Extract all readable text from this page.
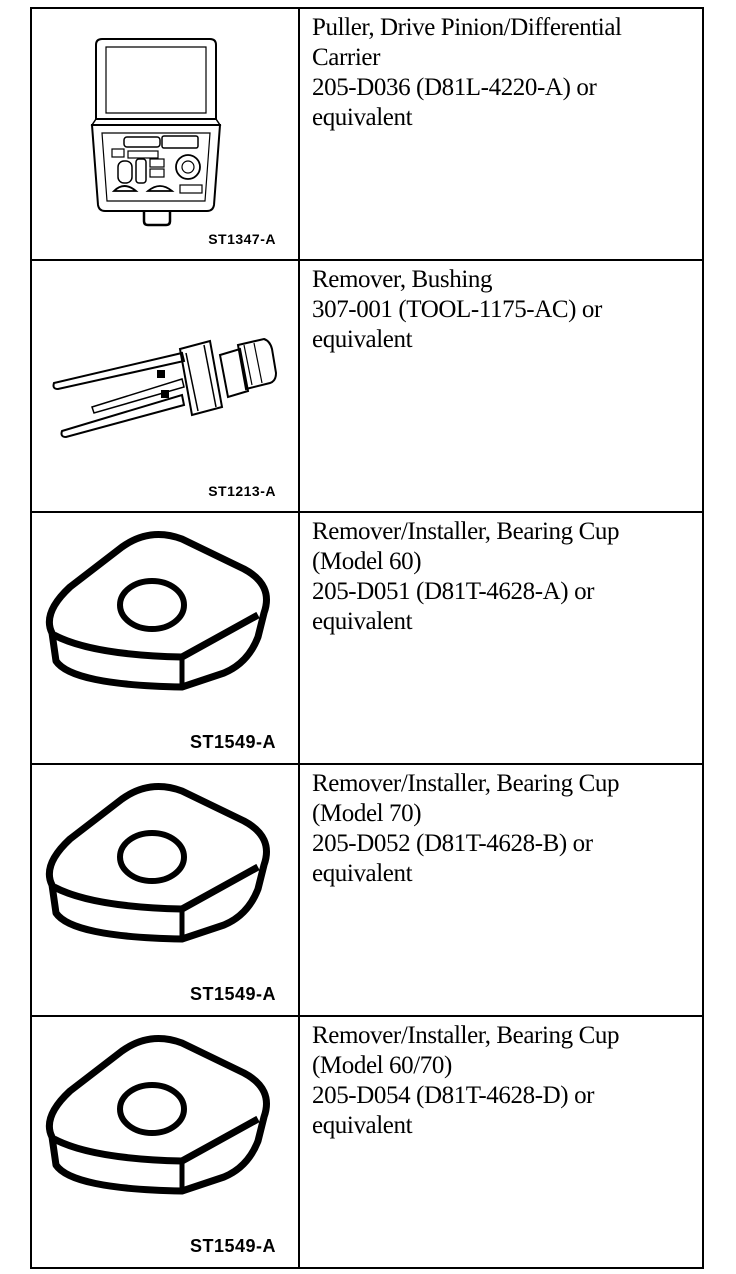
ST1347-A	Puller, Drive Pinion/Differential
Carrier
205-D036 (D81L-4220-A) or
equivalent

ST1213-A	Remover, Bushing
307-001 (TOOL-1175-AC) or
equivalent

ST1549-A	Remover/Installer, Bearing Cup
(Model 60)
205-D051 (D81T-4628-A) or
equivalent

ST1549-A	Remover/Installer, Bearing Cup
(Model 70)
205-D052 (D81T-4628-B) or
equivalent

ST1549-A	Remover/Installer, Bearing Cup
(Model 60/70)
205-D054 (D81T-4628-D) or
equivalent
